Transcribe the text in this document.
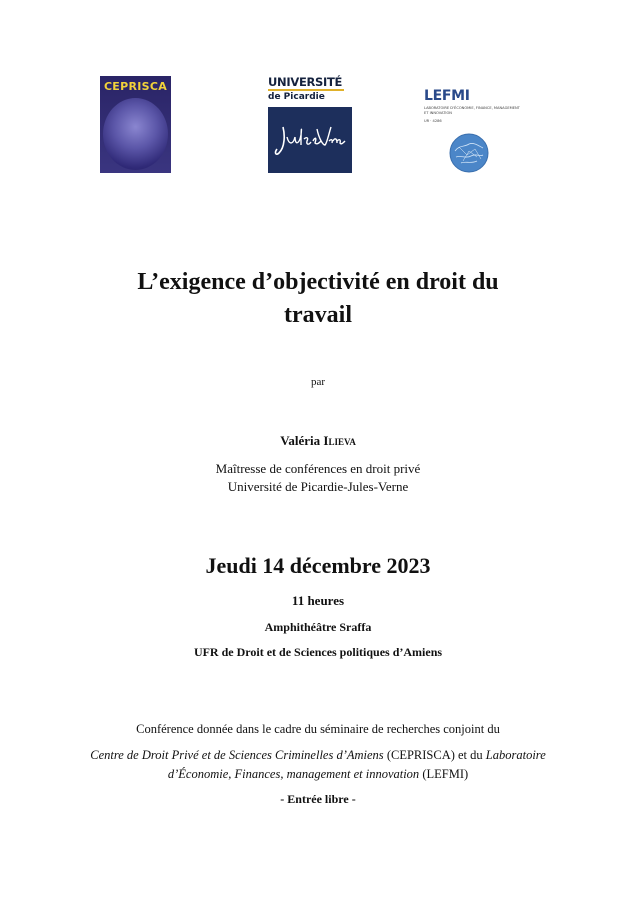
CEPRISCA	UNIVERSITÉ
de Picardie	LEFMI
LABORATOIRE D'ÉCONOMIE, FINANCE, MANAGEMENT ET INNOVATION
UR · 4286
L’exigence d’objectivité en droit du travail
par
Valéria Ilieva
Maîtresse de conférences en droit privé
Université de Picardie-Jules-Verne
Jeudi 14 décembre 2023
11 heures
Amphithéâtre Sraffa
UFR de Droit et de Sciences politiques d’Amiens
Conférence donnée dans le cadre du séminaire de recherches conjoint du
Centre de Droit Privé et de Sciences Criminelles d’Amiens (CEPRISCA) et du Laboratoire d’Économie, Finances, management et innovation (LEFMI)
- Entrée libre -
